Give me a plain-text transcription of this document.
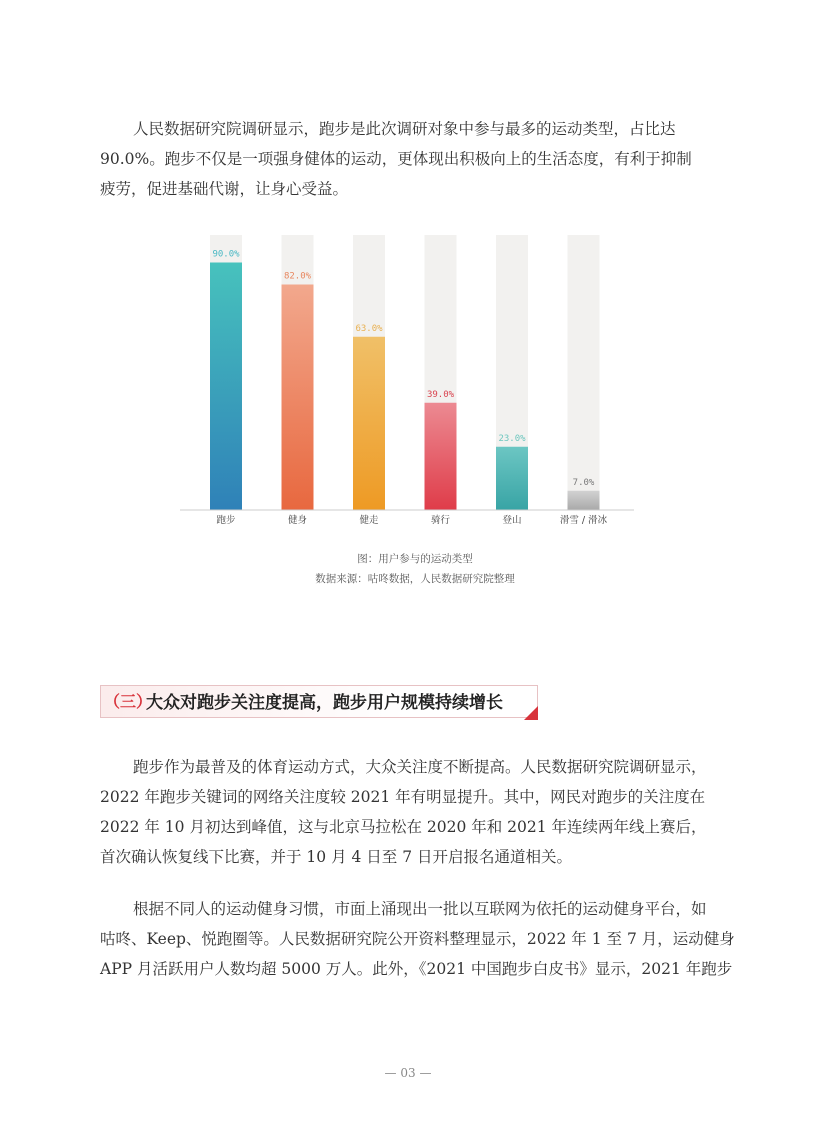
人民数据研究院调研显示，跑步是此次调研对象中参与最多的运动类型，占比达
90.0%。跑步不仅是一项强身健体的运动，更体现出积极向上的生活态度，有利于抑制
疲劳，促进基础代谢，让身心受益。

90.0%
跑步
82.0%
健身
63.0%
健走
39.0%
骑行
23.0%
登山
7.0%
滑雪 / 滑冰
图：用户参与的运动类型
数据来源：咕咚数据，人民数据研究院整理
（三）
大众对跑步关注度提高，跑步用户规模持续增长

跑步作为最普及的体育运动方式，大众关注度不断提高。人民数据研究院调研显示，
2022 年跑步关键词的网络关注度较 2021 年有明显提升。其中，网民对跑步的关注度在
2022 年 10 月初达到峰值，这与北京马拉松在 2020 年和 2021 年连续两年线上赛后，
首次确认恢复线下比赛，并于 10 月 4 日至 7 日开启报名通道相关。

根据不同人的运动健身习惯，市面上涌现出一批以互联网为依托的运动健身平台，如
咕咚、Keep、悦跑圈等。人民数据研究院公开资料整理显示，2022 年 1 至 7 月，运动健身
APP 月活跃用户人数均超 5000 万人。此外，《2021 中国跑步白皮书》显示，2021 年跑步

— 03 —
